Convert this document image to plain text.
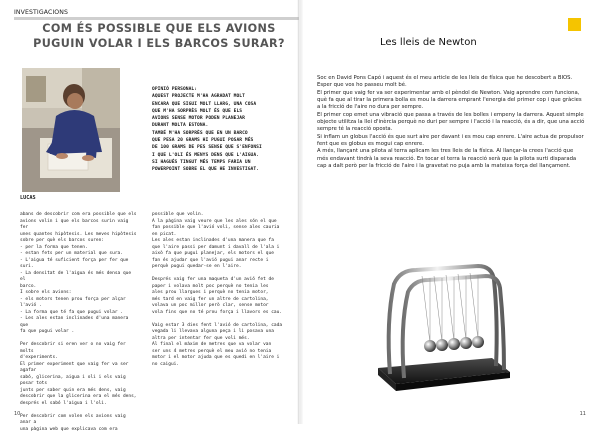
INVESTIGACIONS
COM ÉS POSSIBLE QUE ELS AVIONS
PUGUIN VOLAR I ELS BARCOS SURAR?
LUCAS

OPINIÓ PERSONAL:

AQUEST PROJECTE M'HA AGRADAT MOLT

ENCARA QUE SIGUI MOLT LLARG, UNA COSA

QUE M'HA SORPRÈS MOLT ÉS QUE ELS

AVIONS SENSE MOTOR PODEN PLANEJAR

DURANT MOLTA ESTONA.

TAMBÉ M'HA SORPRÈS QUE EN UN BARCO

QUE PESA 20 GRAMS HI PUGUI POSAR MÉS

DE 100 GRAMS DE PES SENSE QUE S'ENFONSI

I QUE L'OLI ÉS MENYS DENS QUE L'AIGUA.

SI HAGUÉS TINGUT MÉS TEMPS FARIA UN

POWERPOINT SOBRE EL QUE HE INVESTIGAT.

abans de descobrir com era possible que els

avions volin i que els barcos surin vaig fer

unes quantes hipòtesis. Les meves hipòtesis

sobre per què els barcos suren:

- per la forma que tenen.

- estan fets per un material que sura.

- L'aigua té suficient força per fer que suri.

- La densitat de l'aigua és més densa que el

barco.

I sobre els avions:

- els motors tenen prou força per alçar l'avió .

- La forma que té fa que pugui volar .

- Les ales estan inclinades d'una manera que

fa que pugui volar .

Per descobrir si eren ver o no vaig fer molts

d'experiments.

El primer experiment que vaig fer va ser agafar

sabó, glicerina, aigua i oli i els vaig posar tots

junts per saber quin era més dens, vaig

descobrir que la glicerina era el més dens,

després el sabó l'aigua i l'oli.

Per descobrir com volen els avions vaig anar a

una pàgina web que explicava com era

possible que volin.

A la pàgina vaig veure que les ales són el que

fan possible que l'avió voli, sense ales cauria

en picat.

Les ales estan inclinades d'una manera que fa

que l'aire passi per damunt i davall de l'ala i

això fa que pugui planejar, els motors el que

fan és ajudar que l'avió pugui anar recte i

perquè pugui quedar-se en l'aire.

Després vaig fer una maqueta d'un avió fet de

paper i volava molt poc perquè no tenia les

ales prou llargues i perquè no tenia motor,

més tard en vaig fer un altre de cartolina,

volava un poc millor però clar, sense motor

vola fins que no té prou força i llavors es cau.

Vaig estar 3 dies fent l'avió de cartolina, cada

vegada li llevava alguna peça i li posava una

altra per intentar fer que voli més.

Al final el màxim de metres que va volar van

ser uns 4 metres perquè el meu avió no tenia

motor i el motor ajuda que es quedi en l'aire i

no caigui.

10
Les lleis de Newton

Soc en David Pons Capó i aquest és el meu article de les lleis de física que he descobert a BIOS. Esper que vos ho passeu molt bé.

El primer que vaig fer va ser experimentar amb el pèndol de Newton. Vaig aprendre com funciona, què fa que al tirar la primera bolla es mou la darrera emprant l'energia del primer cop i que gràcies a la fricció de l'aire no dura per sempre.

El primer cop emet una vibració que passa a través de les bolles i empeny la darrera. Aquest simple objecte utilitza la llei d'inèrcia perquè no duri per sempre i l'acció i la reacció, és a dir, que una acció sempre té la reacció oposta.

Si inflam un globus l'acció és que surt aire per davant i es mou cap enrere. L'aire actua de propulsor fent que es globus es mogui cap enrere.

A més, llançant una pilota al terra aplicam les tres lleis de la física. Al llançar-la crees l'acció que més endavant tindrà la seva reacció. En tocar el terra la reacció serà que la pilota surti disparada cap a dalt però per la fricció de l'aire i la gravetat no puja amb la mateixa força del llançament.

11
